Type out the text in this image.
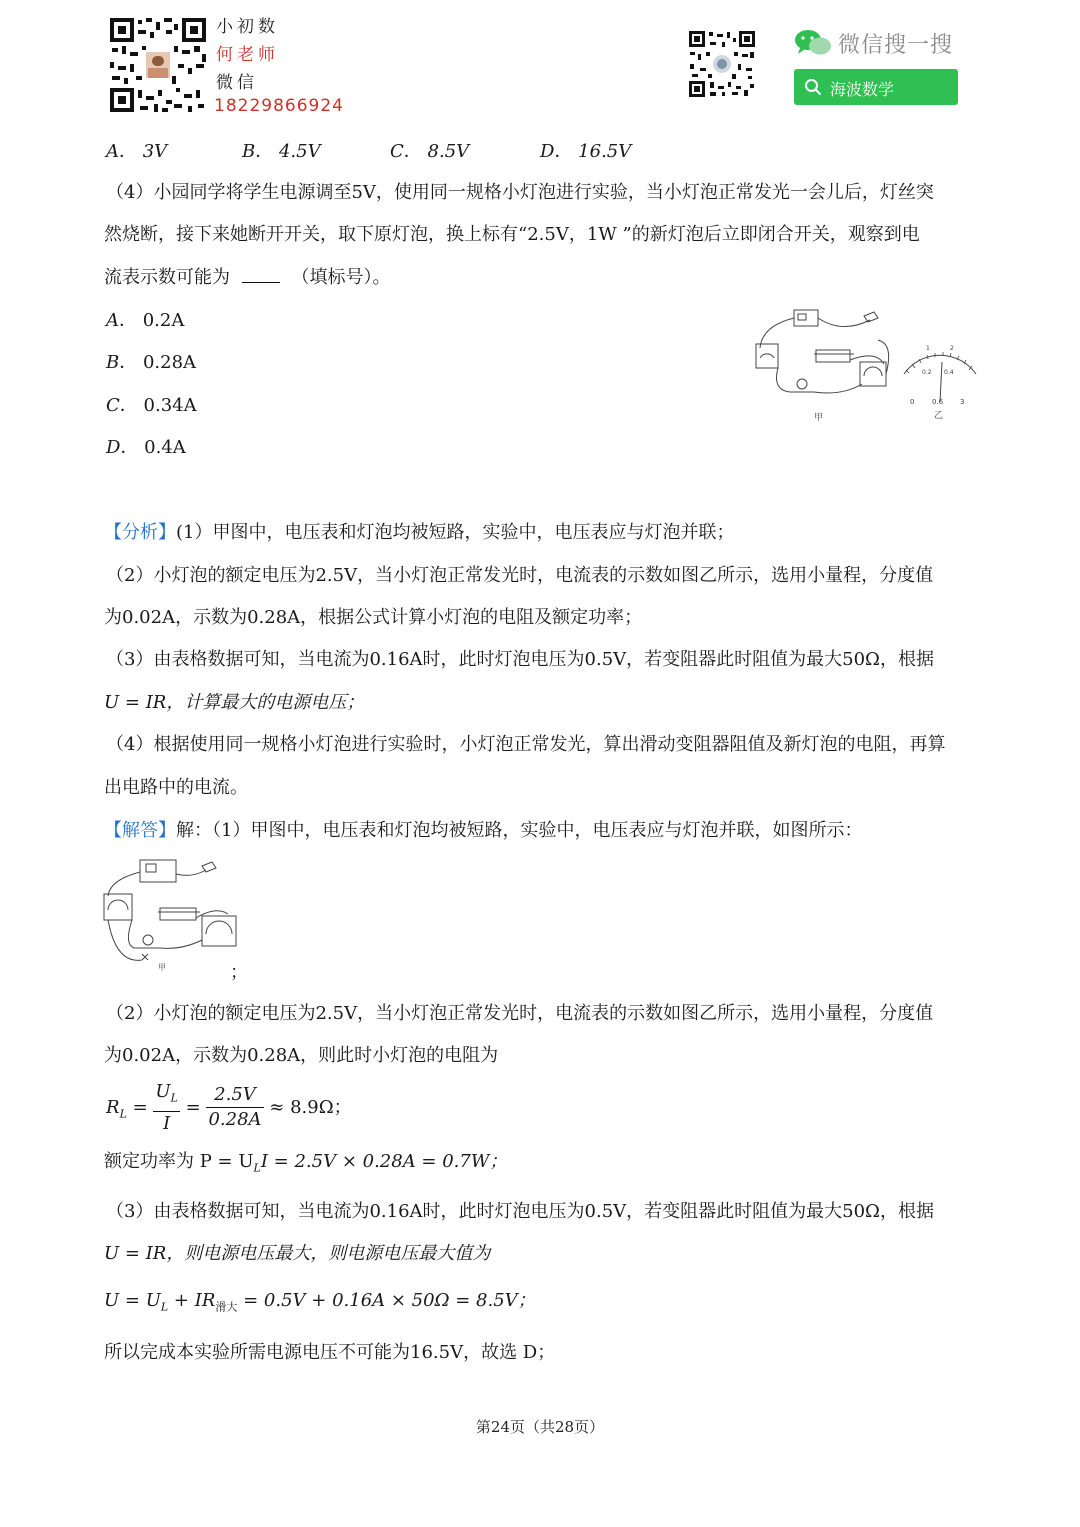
小初数
何老师
微信
18229866924
微信搜一搜
海波数学
A． 3V	B． 4.5V	C． 8.5V	D． 16.5V
（4）小园同学将学生电源调至5V，使用同一规格小灯泡进行实验，当小灯泡正常发光一会儿后，灯丝突
然烧断，接下来她断开开关，取下原灯泡，换上标有“2.5V，1W ”的新灯泡后立即闭合开关，观察到电
流表示数可能为	（填标号）。
A． 0.2A
B． 0.28A
C． 0.34A
D． 0.4A
甲
0.2 0.4
1	2
0	0.6 3
乙
【分析】(1）甲图中，电压表和灯泡均被短路，实验中，电压表应与灯泡并联；
（2）小灯泡的额定电压为2.5V，当小灯泡正常发光时，电流表的示数如图乙所示，选用小量程，分度值
为0.02A，示数为0.28A，根据公式计算小灯泡的电阻及额定功率；
（3）由表格数据可知，当电流为0.16A时，此时灯泡电压为0.5V，若变阻器此时阻值为最大50Ω，根据
U = IR，计算最大的电源电压；
（4）根据使用同一规格小灯泡进行实验时，小灯泡正常发光，算出滑动变阻器阻值及新灯泡的电阻，再算
出电路中的电流。
【解答】解：（1）甲图中，电压表和灯泡均被短路，实验中，电压表应与灯泡并联，如图所示：
甲	；
（2）小灯泡的额定电压为2.5V，当小灯泡正常发光时，电流表的示数如图乙所示，选用小量程，分度值
为0.02A，示数为0.28A，则此时小灯泡的电阻为
$R_L = \frac{U_L}{I} = \frac{2.5V}{0.28A} \approx 8.9\Omega$；
额定功率为 $P = U_LI = 2.5V \times 0.28A = 0.7W$；
（3）由表格数据可知，当电流为0.16A时，此时灯泡电压为0.5V，若变阻器此时阻值为最大50Ω，根据
U = IR，则电源电压最大，则电源电压最大值为
$U = U_L + IR_{滑大} = 0.5V + 0.16A \times 50\Omega = 8.5V$；
所以完成本实验所需电源电压不可能为16.5V，故选 D；
第24页（共28页）
